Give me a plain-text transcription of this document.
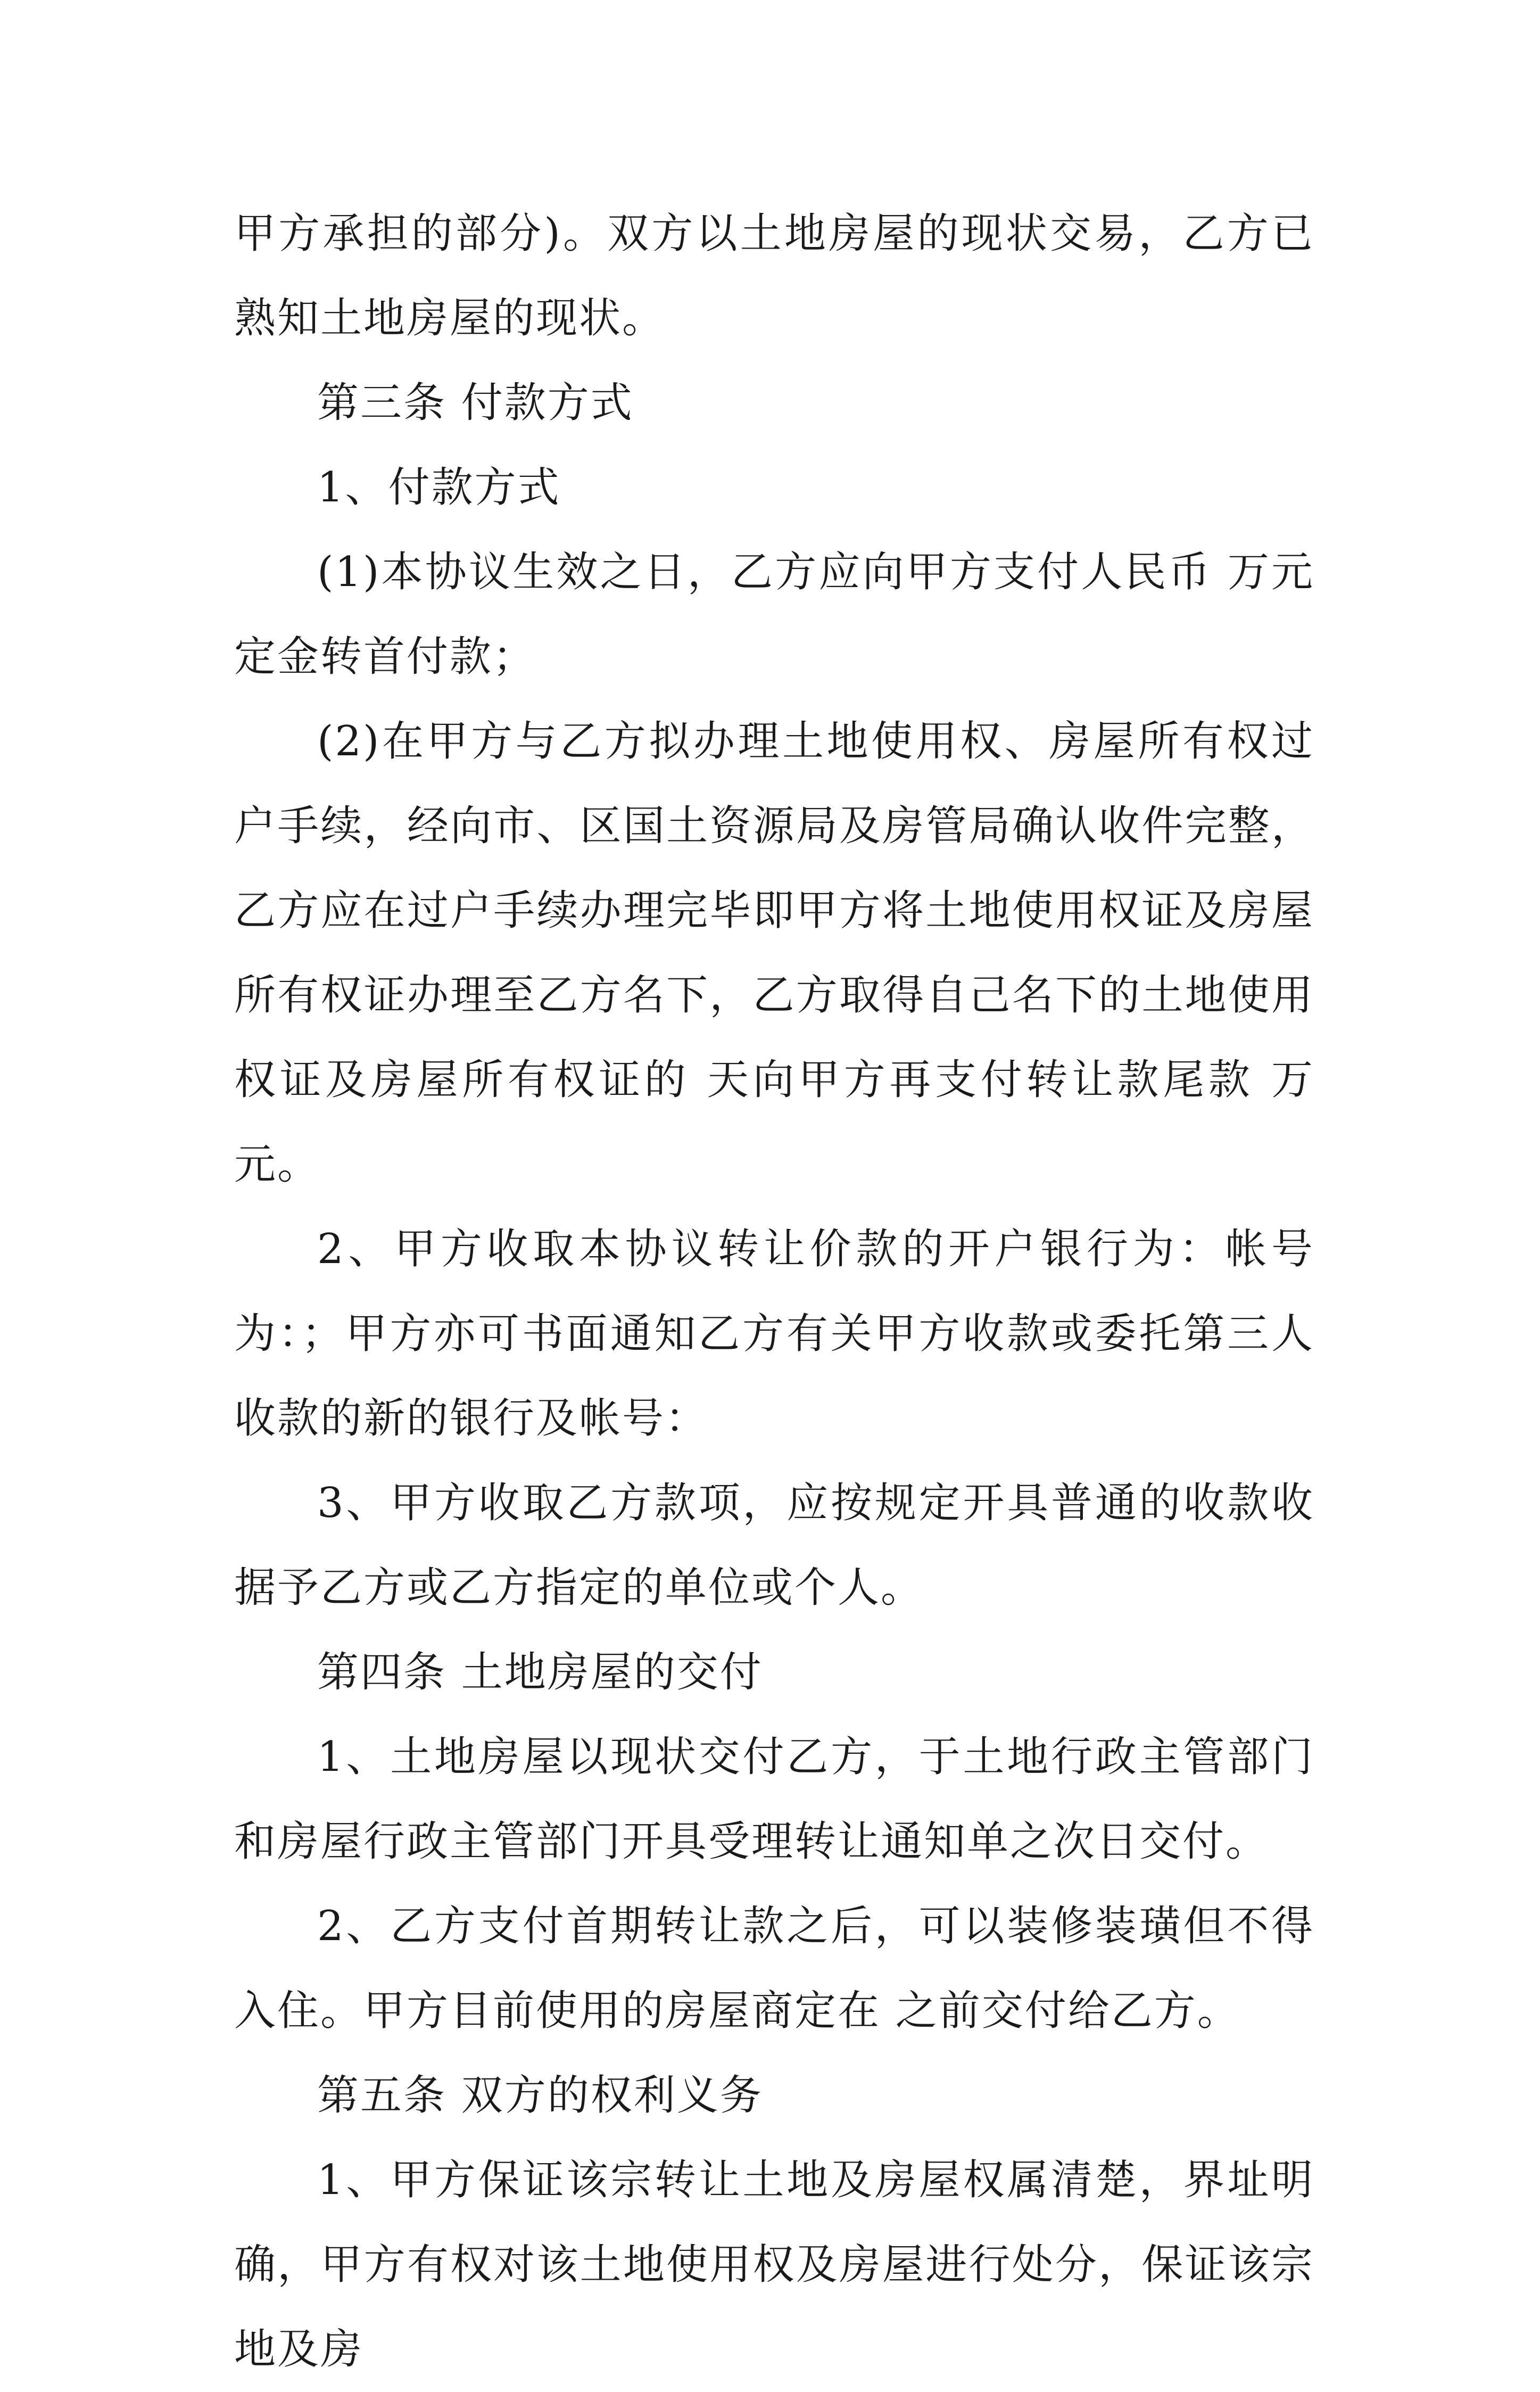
甲方承担的部分)。双方以土地房屋的现状交易，乙方已熟知土地房屋的现状。

第三条 付款方式

1、付款方式

(1)本协议生效之日，乙方应向甲方支付人民币 万元定金转首付款；

(2)在甲方与乙方拟办理土地使用权、房屋所有权过户手续，经向市、区国土资源局及房管局确认收件完整，乙方应在过户手续办理完毕即甲方将土地使用权证及房屋所有权证办理至乙方名下，乙方取得自己名下的土地使用权证及房屋所有权证的 天向甲方再支付转让款尾款 万元。

2、甲方收取本协议转让价款的开户银行为：帐号为：；甲方亦可书面通知乙方有关甲方收款或委托第三人收款的新的银行及帐号：

3、甲方收取乙方款项，应按规定开具普通的收款收据予乙方或乙方指定的单位或个人。

第四条 土地房屋的交付

1、土地房屋以现状交付乙方，于土地行政主管部门和房屋行政主管部门开具受理转让通知单之次日交付。

2、乙方支付首期转让款之后，可以装修装璜但不得入住。甲方目前使用的房屋商定在 之前交付给乙方。

第五条 双方的权利义务

1、甲方保证该宗转让土地及房屋权属清楚，界址明确，甲方有权对该土地使用权及房屋进行处分，保证该宗地及房
